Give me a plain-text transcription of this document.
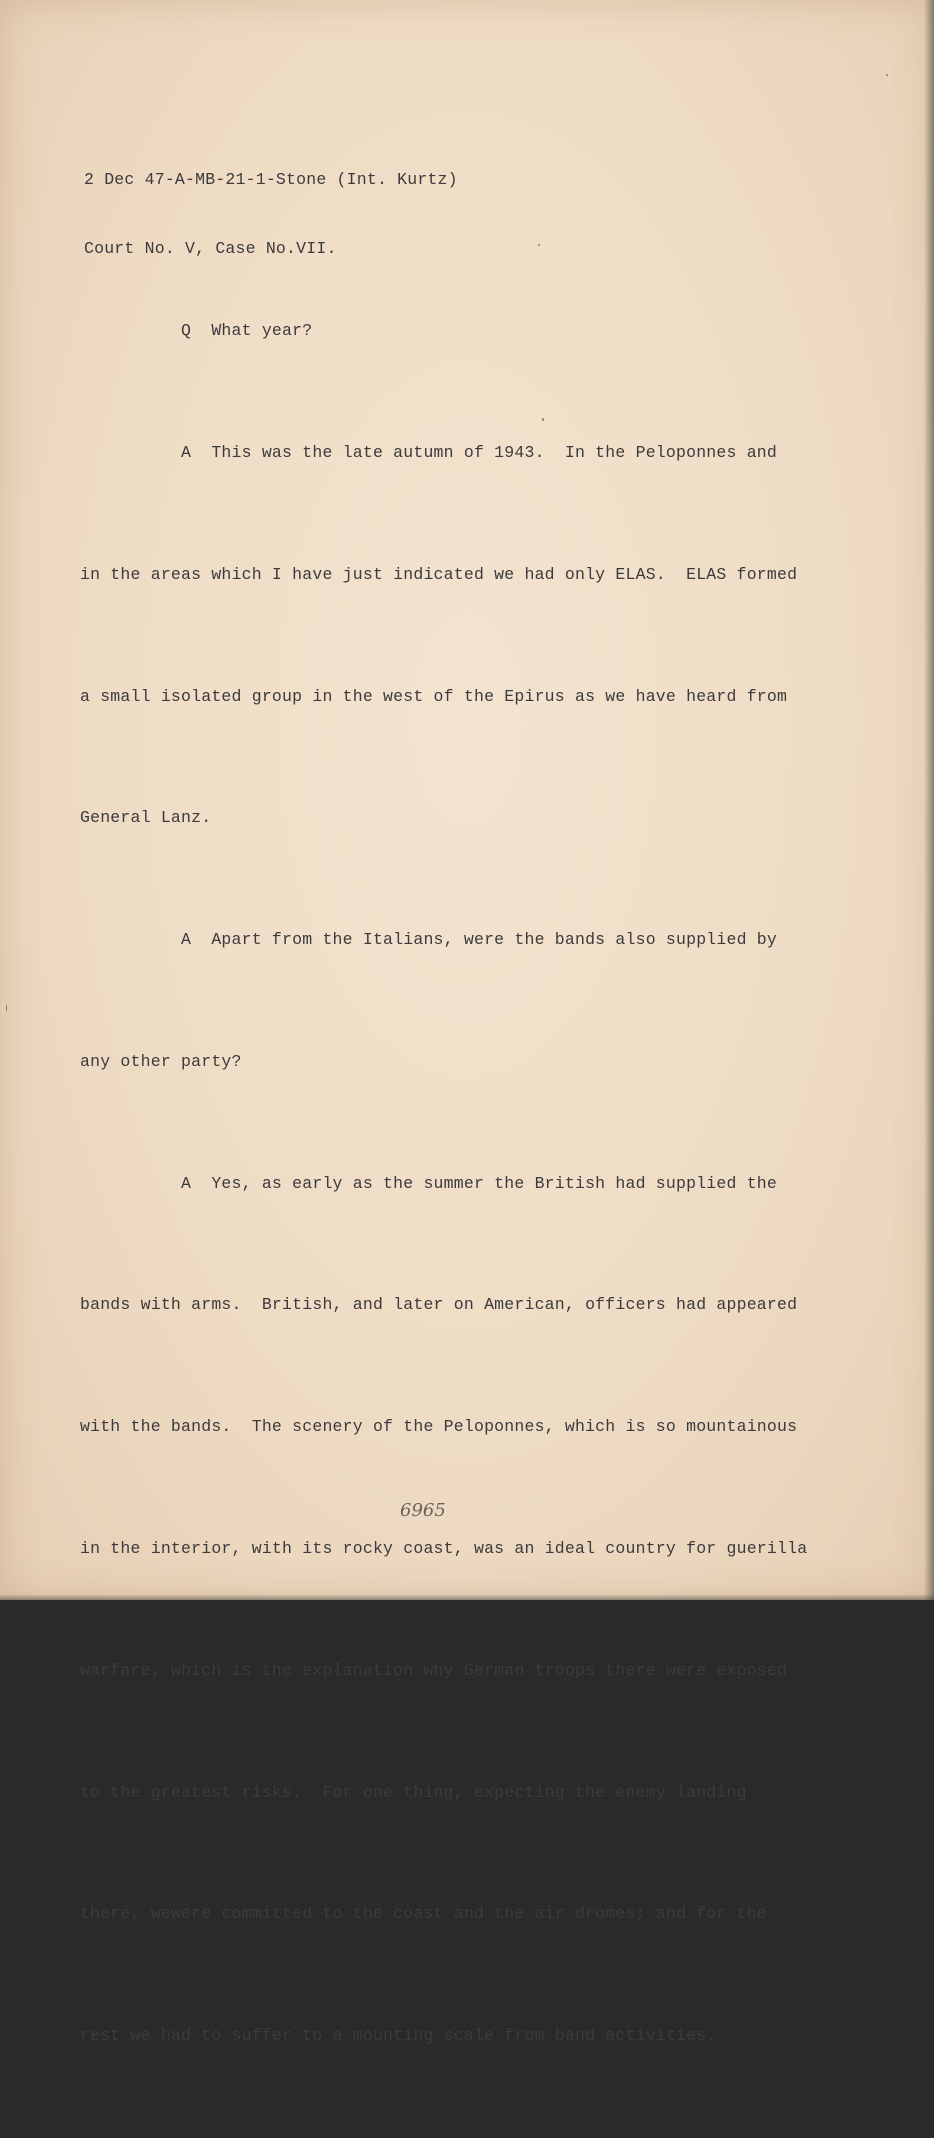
2 Dec 47-A-MB-21-1-Stone (Int. Kurtz)

Court No. V, Case No.VII.

Q  What year?

A  This was the late autumn of 1943.  In the Peloponnes and

in the areas which I have just indicated we had only ELAS.  ELAS formed

a small isolated group in the west of the Epirus as we have heard from

General Lanz.

A  Apart from the Italians, were the bands also supplied by

any other party?

A  Yes, as early as the summer the British had supplied the

bands with arms.  British, and later on American, officers had appeared

with the bands.  The scenery of the Peloponnes, which is so mountainous

in the interior, with its rocky coast, was an ideal country for guerilla

warfare, which is the explanation why German troops there were exposed

to the greatest risks.  For one thing, expecting the enemy landing

there, wewere committed to the coast and the air dromes; and for the

rest we had to suffer to a mounting scale from band activities.

6965
